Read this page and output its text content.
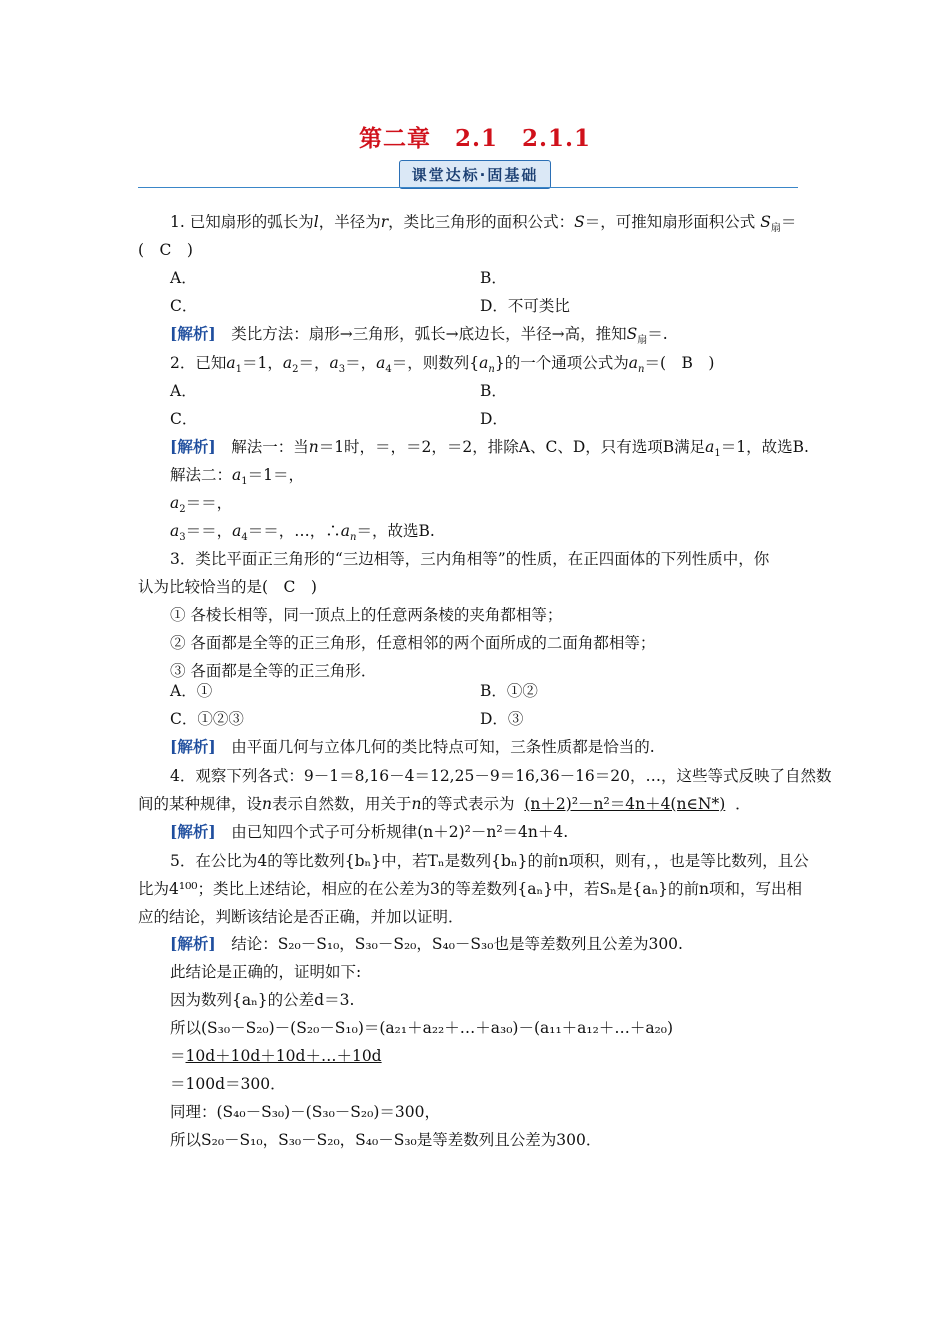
第二章　2.1　2.1.1
课堂达标·固基础
1. 已知扇形的弧长为l，半径为r，类比三角形的面积公式：S＝，可推知扇形面积公式 $S_扇=$
(　C　)
A．	B．
C．	D．不可类比
[解析]　 类比方法：扇形→三角形，弧长→底边长，半径→高，推知$S_扇=$.
2．已知$a_1=1$，$a_2=$，$a_3=$，$a_4=$，则数列$\{a_n\}$的一个通项公式为$a_n=$(　B　)
A．	B．
C．	D．
[解析]　 解法一：当n＝1时，＝，＝2，＝2，排除A、C、D，只有选项B满足$a_1=1$，故选B.
解法二：$a_1=1=$，
$a_2==$，
$a_3==$，$a_4==$，…，$\therefore a_n=$，故选B.
3．类比平面正三角形的“三边相等，三内角相等”的性质，在正四面体的下列性质中，你
认为比较恰当的是(　C　)
① 各棱长相等，同一顶点上的任意两条棱的夹角都相等；
② 各面都是全等的正三角形，任意相邻的两个面所成的二面角都相等；
③ 各面都是全等的正三角形．
A．①	B．①②
C．①②③	D．③
[解析]　 由平面几何与立体几何的类比特点可知，三条性质都是恰当的.
4．观察下列各式：9－1＝8,16－4＝12,25－9＝16,36－16＝20，…，这些等式反映了自然数
间的某种规律，设n表示自然数，用关于n的等式表示为 (n＋2)²－n²＝4n＋4(n∈N*) ．
[解析]　 由已知四个式子可分析规律(n＋2)²－n²＝4n＋4.
5．在公比为4的等比数列{bₙ}中，若Tₙ是数列{bₙ}的前n项积，则有，，也是等比数列，且公
比为4¹⁰⁰；类比上述结论，相应的在公差为3的等差数列{aₙ}中，若Sₙ是{aₙ}的前n项和，写出相
应的结论，判断该结论是否正确，并加以证明．
[解析]　 结论：S₂₀－S₁₀，S₃₀－S₂₀，S₄₀－S₃₀也是等差数列且公差为300.
此结论是正确的，证明如下:
因为数列{aₙ}的公差d＝3.
所以(S₃₀－S₂₀)－(S₂₀－S₁₀)＝(a₂₁＋a₂₂＋…＋a₃₀)－(a₁₁＋a₁₂＋…＋a₂₀)
＝10d＋10d＋10d＋…＋10d
＝100d＝300．
同理：(S₄₀－S₃₀)－(S₃₀－S₂₀)＝300，
所以S₂₀－S₁₀，S₃₀－S₂₀，S₄₀－S₃₀是等差数列且公差为300．
